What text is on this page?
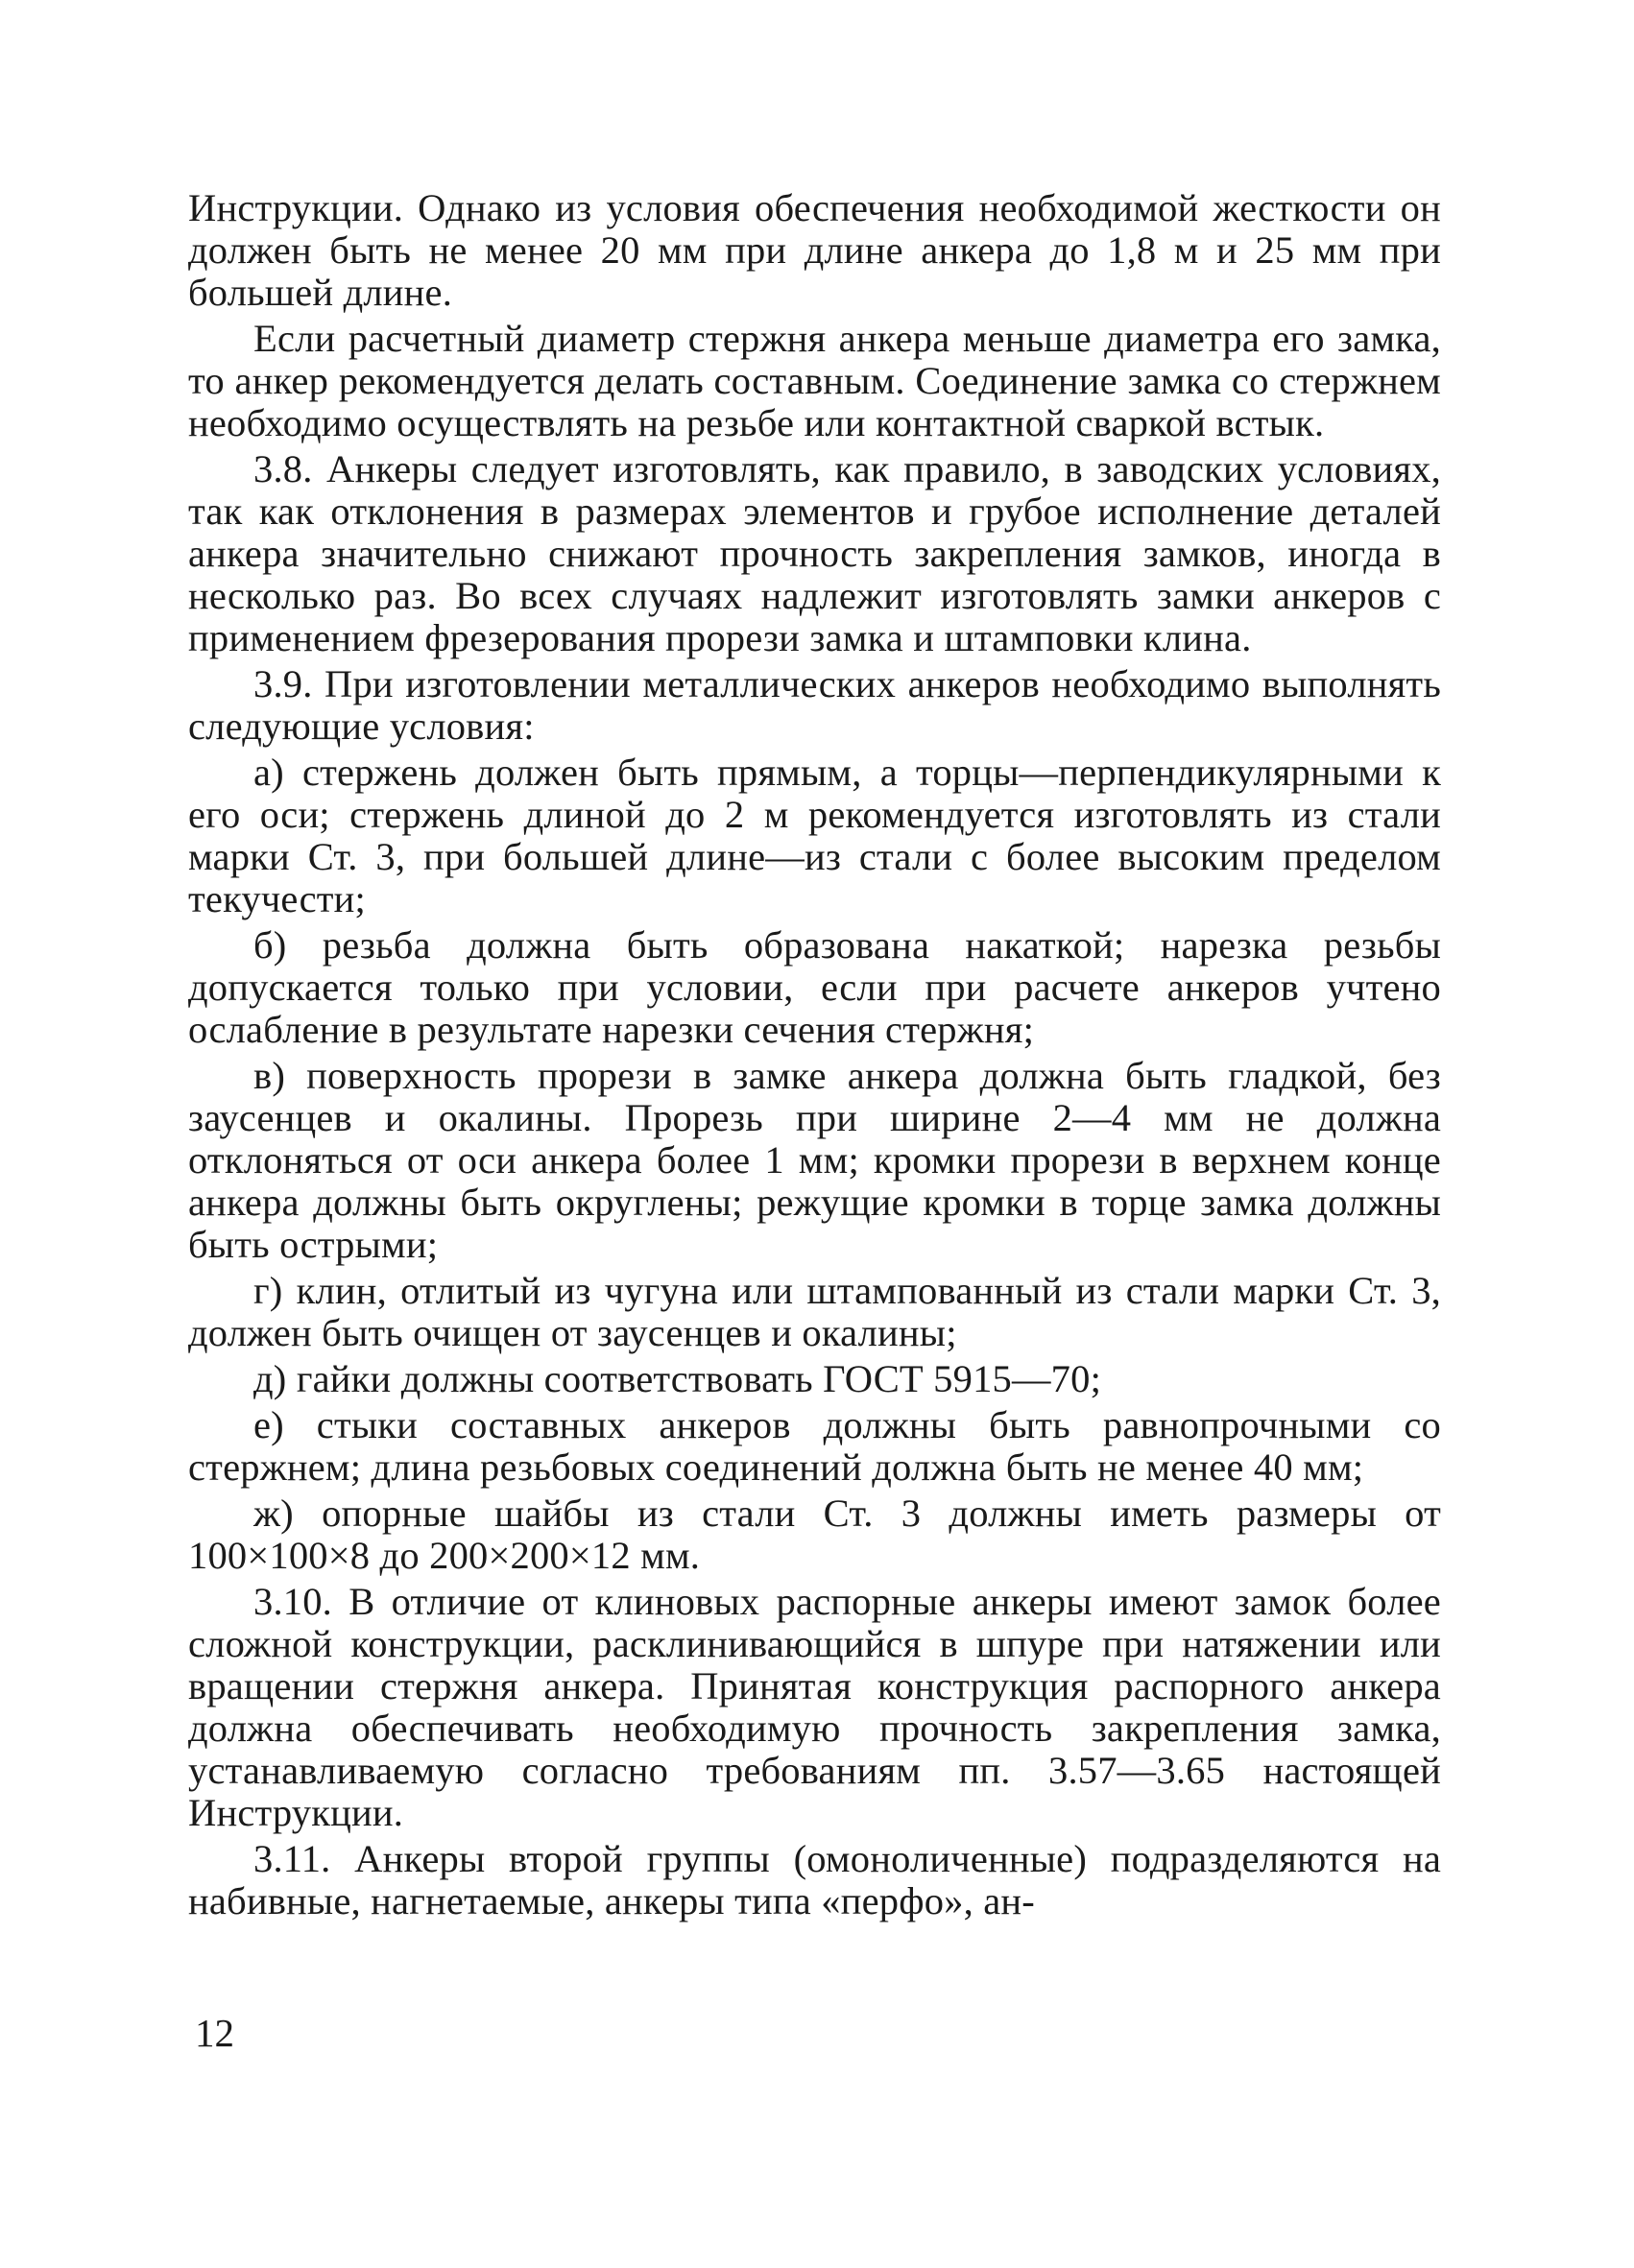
Инструкции. Однако из условия обеспечения необходимой жесткости он должен быть не менее 20 мм при длине анкера до 1,8 м и 25 мм при большей длине.

Если расчетный диаметр стержня анкера меньше диаметра его замка, то анкер рекомендуется делать составным. Соединение замка со стержнем необходимо осуществлять на резьбе или контактной сваркой встык.

3.8. Анкеры следует изготовлять, как правило, в заводских условиях, так как отклонения в размерах элементов и грубое исполнение деталей анкера значительно снижают прочность закрепления замков, иногда в несколько раз. Во всех случаях надлежит изготовлять замки анкеров с применением фрезерования прорези замка и штамповки клина.

3.9. При изготовлении металлических анкеров необходимо выполнять следующие условия:

а) стержень должен быть прямым, а торцы—перпендикулярными к его оси; стержень длиной до 2 м рекомендуется изготовлять из стали марки Ст. 3, при большей длине—из стали с более высоким пределом текучести;

б) резьба должна быть образована накаткой; нарезка резьбы допускается только при условии, если при расчете анкеров учтено ослабление в результате нарезки сечения стержня;

в) поверхность прорези в замке анкера должна быть гладкой, без заусенцев и окалины. Прорезь при ширине 2—4 мм не должна отклоняться от оси анкера более 1 мм; кромки прорези в верхнем конце анкера должны быть округлены; режущие кромки в торце замка должны быть острыми;

г) клин, отлитый из чугуна или штампованный из стали марки Ст. 3, должен быть очищен от заусенцев и окалины;

д) гайки должны соответствовать ГОСТ 5915—70;

е) стыки составных анкеров должны быть равнопрочными со стержнем; длина резьбовых соединений должна быть не менее 40 мм;

ж) опорные шайбы из стали Ст. 3 должны иметь размеры от 100×100×8 до 200×200×12 мм.

3.10. В отличие от клиновых распорные анкеры имеют замок более сложной конструкции, расклинивающийся в шпуре при натяжении или вращении стержня анкера. Принятая конструкция распорного анкера должна обеспечивать необходимую прочность закрепления замка, устанавливаемую согласно требованиям пп. 3.57—3.65 настоящей Инструкции.

3.11. Анкеры второй группы (омоноличенные) подразделяются на набивные, нагнетаемые, анкеры типа «перфо», ан-

12
